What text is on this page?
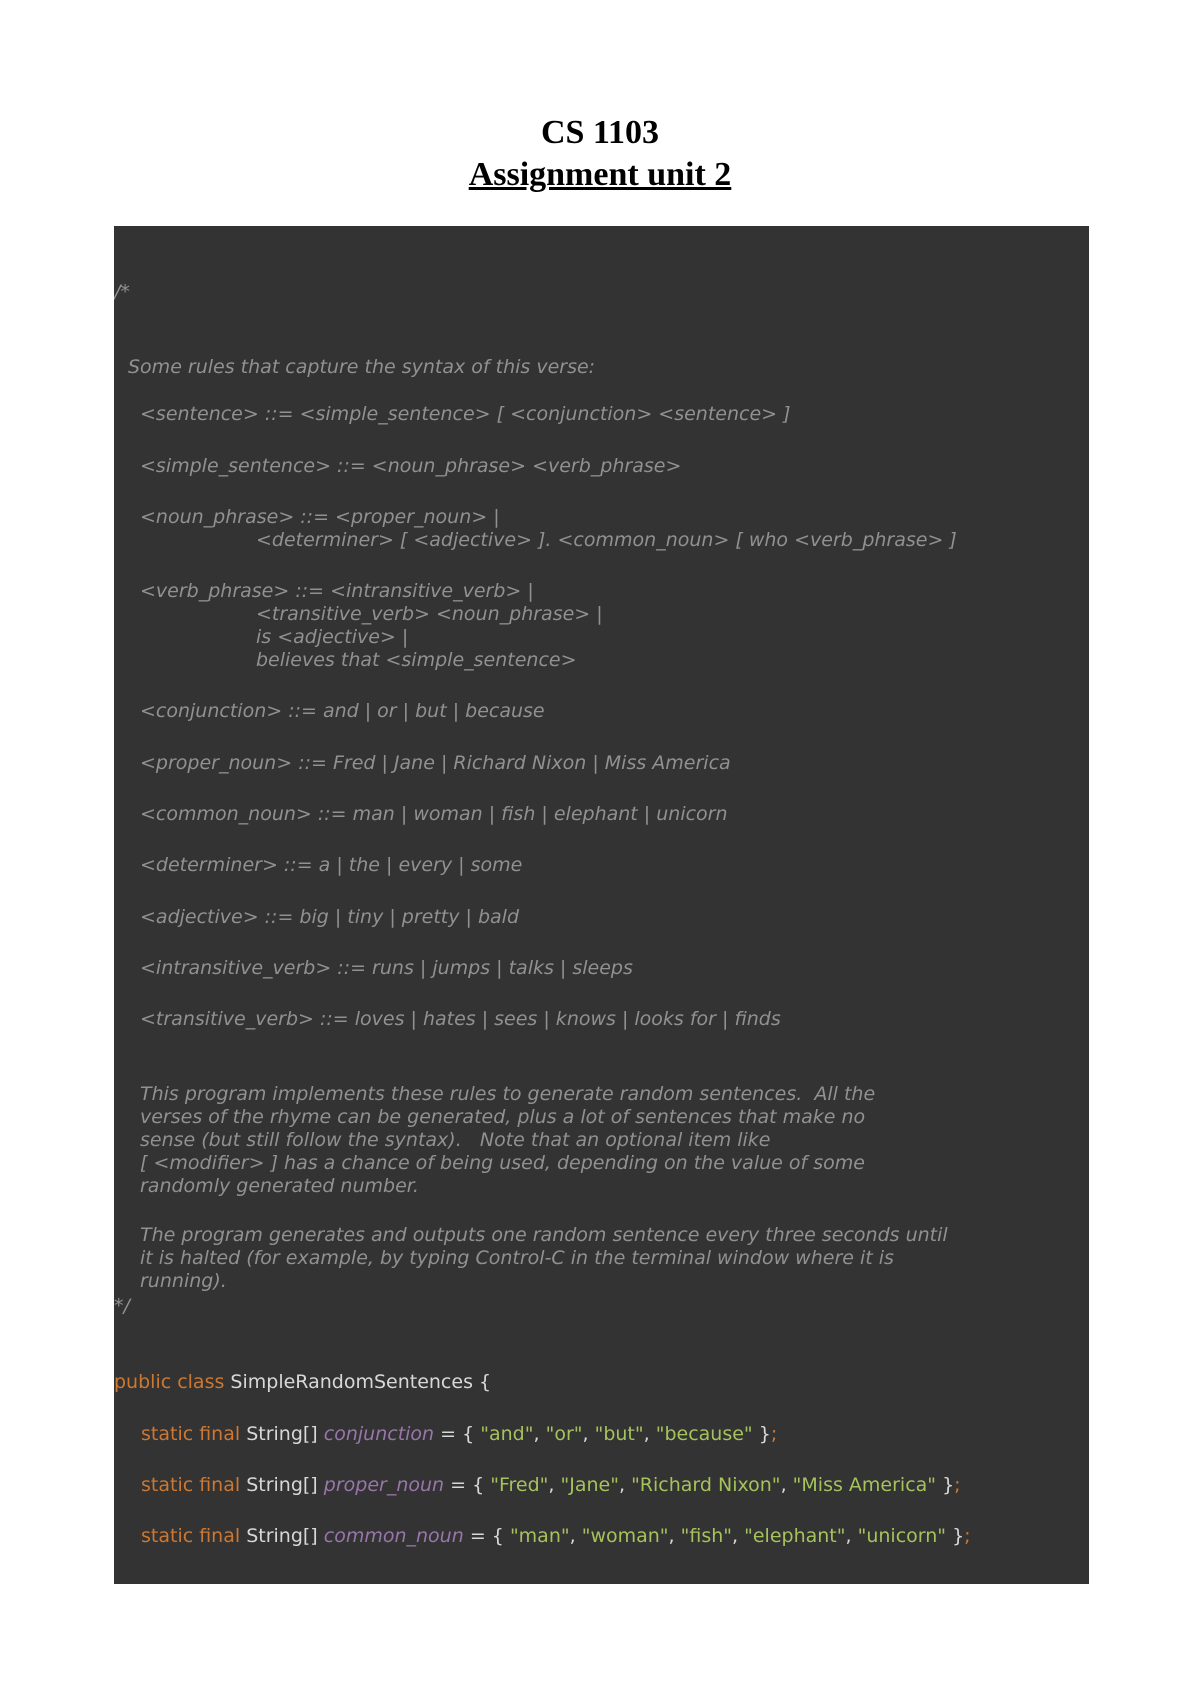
CS 1103
Assignment unit 2
/*
Some rules that capture the syntax of this verse:
<sentence> ::= <simple_sentence> [ <conjunction> <sentence> ]
<simple_sentence> ::= <noun_phrase> <verb_phrase>
<noun_phrase> ::= <proper_noun> |
<determiner> [ <adjective> ]. <common_noun> [ who <verb_phrase> ]
<verb_phrase> ::= <intransitive_verb> |
<transitive_verb> <noun_phrase> |
is <adjective> |
believes that <simple_sentence>
<conjunction> ::= and | or | but | because
<proper_noun> ::= Fred | Jane | Richard Nixon | Miss America
<common_noun> ::= man | woman | fish | elephant | unicorn
<determiner> ::= a | the | every | some
<adjective> ::= big | tiny | pretty | bald
<intransitive_verb> ::= runs | jumps | talks | sleeps
<transitive_verb> ::= loves | hates | sees | knows | looks for | finds
This program implements these rules to generate random sentences.  All the
verses of the rhyme can be generated, plus a lot of sentences that make no
sense (but still follow the syntax).   Note that an optional item like
[ <modifier> ] has a chance of being used, depending on the value of some
randomly generated number.
The program generates and outputs one random sentence every three seconds until
it is halted (for example, by typing Control-C in the terminal window where it is
running).
*/
public class SimpleRandomSentences {
static final String[] conjunction = { "and", "or", "but", "because" };
static final String[] proper_noun = { "Fred", "Jane", "Richard Nixon", "Miss America" };
static final String[] common_noun = { "man", "woman", "fish", "elephant", "unicorn" };
